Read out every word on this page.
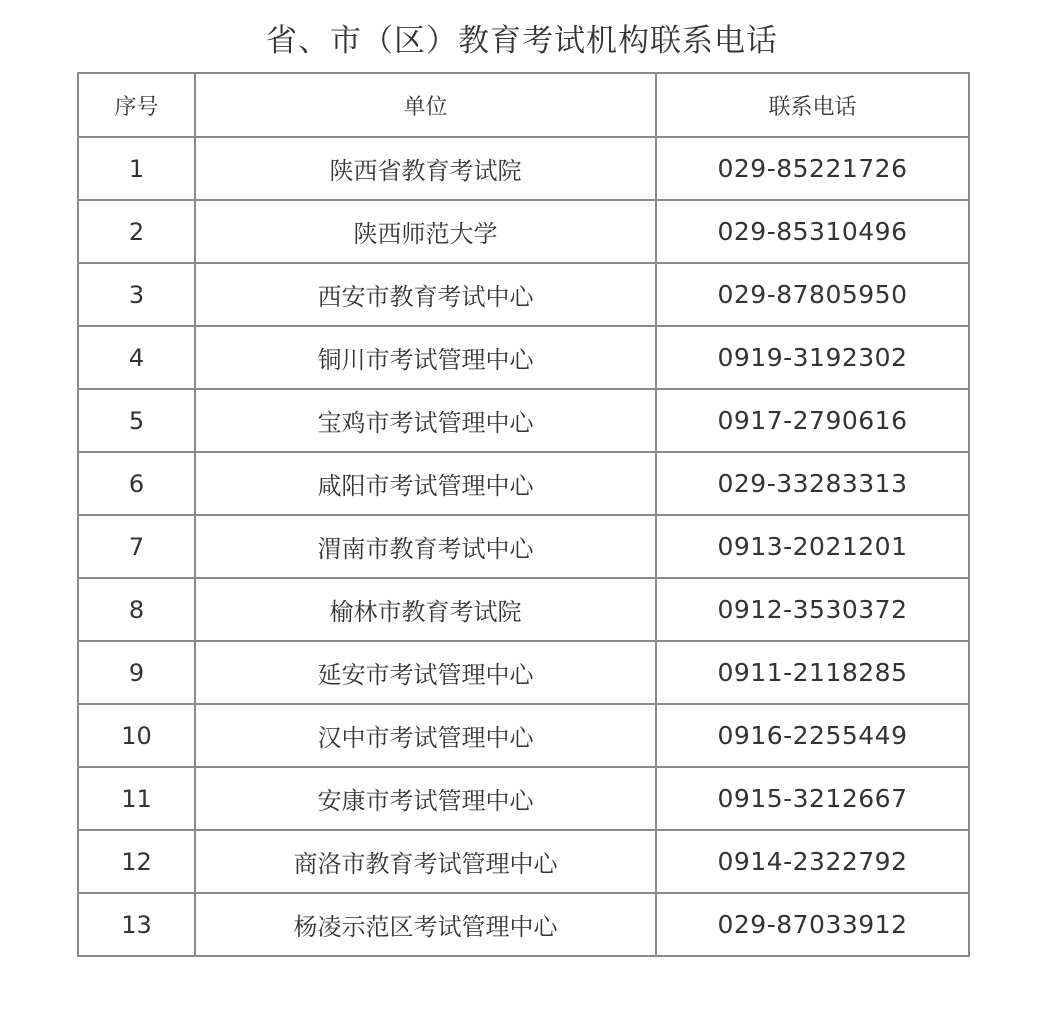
省、市（区）教育考试机构联系电话
序号	单位	联系电话
1	陕西省教育考试院	029-85221726
2	陕西师范大学	029-85310496
3	西安市教育考试中心	029-87805950
4	铜川市考试管理中心	0919-3192302
5	宝鸡市考试管理中心	0917-2790616
6	咸阳市考试管理中心	029-33283313
7	渭南市教育考试中心	0913-2021201
8	榆林市教育考试院	0912-3530372
9	延安市考试管理中心	0911-2118285
10	汉中市考试管理中心	0916-2255449
11	安康市考试管理中心	0915-3212667
12	商洛市教育考试管理中心	0914-2322792
13	杨凌示范区考试管理中心	029-87033912
